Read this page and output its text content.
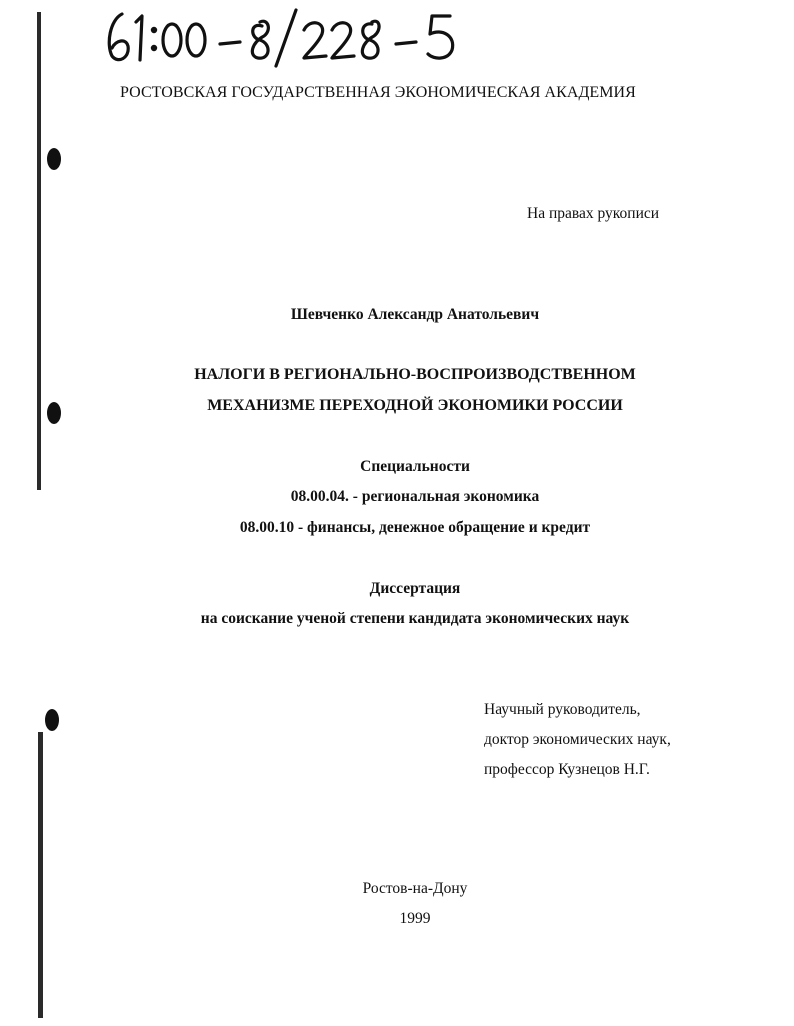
РОСТОВСКАЯ ГОСУДАРСТВЕННАЯ ЭКОНОМИЧЕСКАЯ АКАДЕМИЯ
На правах рукописи
Шевченко Александр Анатольевич
НАЛОГИ В РЕГИОНАЛЬНО-ВОСПРОИЗВОДСТВЕННОМ
МЕХАНИЗМЕ ПЕРЕХОДНОЙ ЭКОНОМИКИ РОССИИ
Специальности
08.00.04. - региональная экономика
08.00.10 - финансы, денежное обращение и кредит
Диссертация
на соискание ученой степени кандидата экономических наук
Научный руководитель,
доктор экономических наук,
профессор Кузнецов Н.Г.
Ростов-на-Дону
1999
